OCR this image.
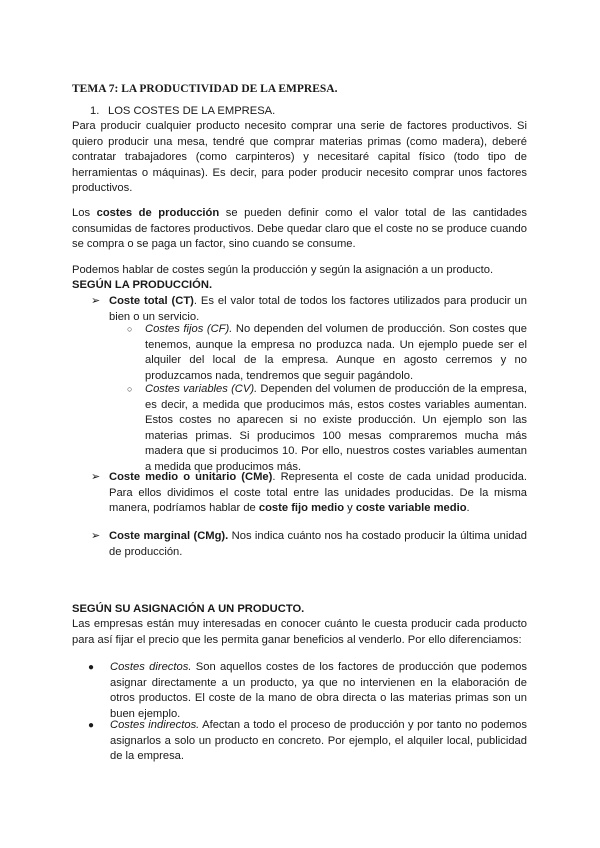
TEMA 7: LA PRODUCTIVIDAD DE LA EMPRESA.
1. LOS COSTES DE LA EMPRESA.
Para producir cualquier producto necesito comprar una serie de factores productivos. Si quiero producir una mesa, tendré que comprar materias primas (como madera), deberé contratar trabajadores (como carpinteros) y necesitaré capital físico (todo tipo de herramientas o máquinas). Es decir, para poder producir necesito comprar unos factores productivos.
Los costes de producción se pueden definir como el valor total de las cantidades consumidas de factores productivos. Debe quedar claro que el coste no se produce cuando se compra o se paga un factor, sino cuando se consume.
Podemos hablar de costes según la producción y según la asignación a un producto.
SEGÚN LA PRODUCCIÓN.
➢ Coste total (CT). Es el valor total de todos los factores utilizados para producir un bien o un servicio.
○ Costes fijos (CF). No dependen del volumen de producción. Son costes que tenemos, aunque la empresa no produzca nada. Un ejemplo puede ser el alquiler del local de la empresa. Aunque en agosto cerremos y no produzcamos nada, tendremos que seguir pagándolo.
○ Costes variables (CV). Dependen del volumen de producción de la empresa, es decir, a medida que producimos más, estos costes variables aumentan. Estos costes no aparecen si no existe producción. Un ejemplo son las materias primas. Si producimos 100 mesas compraremos mucha más madera que si producimos 10. Por ello, nuestros costes variables aumentan a medida que producimos más.
➢ Coste medio o unitario (CMe). Representa el coste de cada unidad producida. Para ellos dividimos el coste total entre las unidades producidas. De la misma manera, podríamos hablar de coste fijo medio y coste variable medio.
➢ Coste marginal (CMg). Nos indica cuánto nos ha costado producir la última unidad de producción.
SEGÚN SU ASIGNACIÓN A UN PRODUCTO.
Las empresas están muy interesadas en conocer cuánto le cuesta producir cada producto para así fijar el precio que les permita ganar beneficios al venderlo. Por ello diferenciamos:
● Costes directos. Son aquellos costes de los factores de producción que podemos asignar directamente a un producto, ya que no intervienen en la elaboración de otros productos. El coste de la mano de obra directa o las materias primas son un buen ejemplo.
● Costes indirectos. Afectan a todo el proceso de producción y por tanto no podemos asignarlos a solo un producto en concreto. Por ejemplo, el alquiler local, publicidad de la empresa.
